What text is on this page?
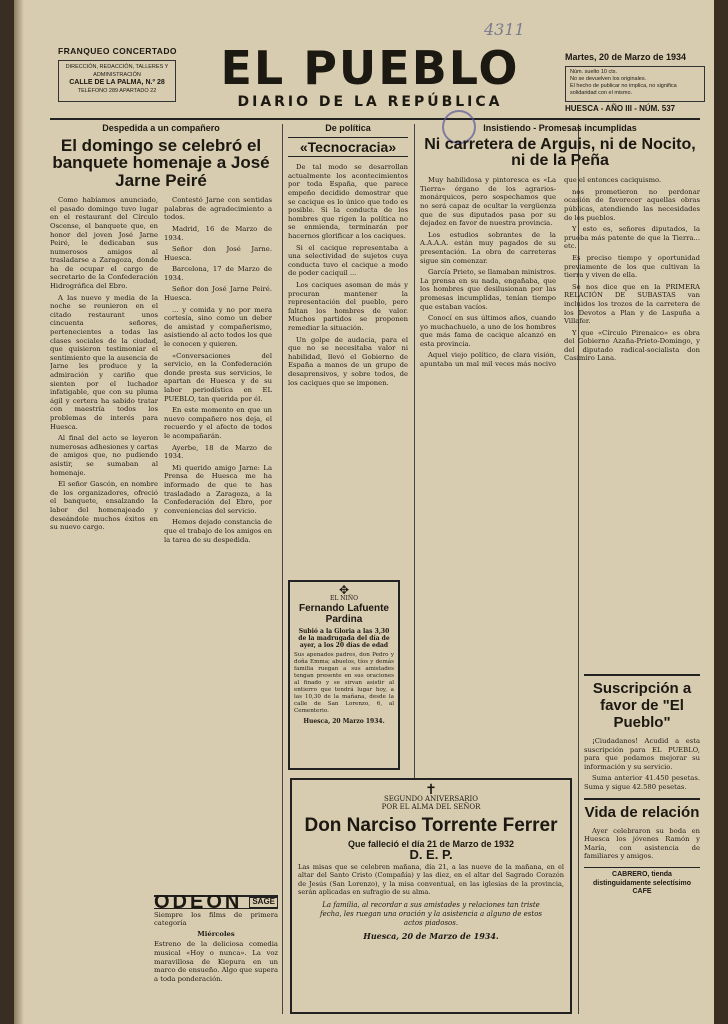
4311
FRANQUEO CONCERTADO
DIRECCIÓN, REDACCIÓN, TALLERES Y
ADMINISTRACIÓN
CALLE DE LA PALMA, N.º 28
TELÉFONO 289 APARTADO 22	EL PUEBLO
DIARIO DE LA REPÚBLICA
Martes, 20 de Marzo de 1934
Núm. suelto 10 cts.
No se devuelven los originales.
El hecho de publicar no implica, no significa solidaridad con el mismo.
HUESCA - AÑO III - NÚM. 537
Despedida a un compañero
El domingo se celebró el banquete homenaje a José Jarne Peiré

Como habíamos anunciado, el pasado domingo tuvo lugar en el restaurant del Círculo Oscense, el banquete que, en honor del joven José Jarne Peiré, le dedicaban sus numerosos amigos al trasladarse a Zaragoza, donde ha de ocupar el cargo de secretario de la Confederación Hidrográfica del Ebro.

A las nueve y media de la noche se reunieron en el citado restaurant unos cincuenta señores, pertenecientes a todas las clases sociales de la ciudad, que quisieron testimoniar el sentimiento que la ausencia de Jarne les produce y la admiración y cariño que sienten por el luchador infatigable, que con su pluma ágil y certera ha sabido tratar con maestría todos los problemas de interés para Huesca.

Al final del acto se leyeron numerosas adhesiones y cartas de amigos que, no pudiendo asistir, se sumaban al homenaje.

El señor Gascón, en nombre de los organizadores, ofreció el banquete, ensalzando la labor del homenajeado y deseándole muchos éxitos en su nuevo cargo.

Contestó Jarne con sentidas palabras de agradecimiento a todos.

Madrid, 16 de Marzo de 1934.

Señor don José Jarne. Huesca.

Barcelona, 17 de Marzo de 1934.

Señor don José Jarne Peiré. Huesca.

... y comida y no por mera cortesía, sino como un deber de amistad y compañerismo, asistiendo al acto todos los que le conocen y quieren.

«Conversaciones del servicio, en la Confederación donde presta sus servicios, le apartan de Huesca y de su labor periodística en EL PUEBLO, tan querida por él.

En este momento en que un nuevo compañero nos deja, el recuerdo y el afecto de todos le acompañarán.

Ayerbe, 18 de Marzo de 1934.

Mi querido amigo Jarne: La Prensa de Huesca me ha informado de que te has trasladado a Zaragoza, a la Confederación del Ebro, por conveniencias del servicio.

Hemos dejado constancia de que el trabajo de los amigos en la tarea de su despedida.

ODEON	SAGE

Siempre los films de primera categoría

Miércoles

Estreno de la deliciosa comedia musical «Hoy o nunca». La voz maravillosa de Kiepura en un marco de ensueño. Algo que supera a toda ponderación.

De política
«Tecnocracia»

De tal modo se desarrollan actualmente los acontecimientos por toda España, que parece empeño decidido demostrar que se cacique es lo único que todo es posible. Si la conducta de los hombres que rigen la política no se enmienda, terminarán por hacernos glorificar a los caciques.

Si el cacique representaba a una selectividad de sujetos cuya conducta tuvo el cacique a modo de poder caciquil ...

Los caciques asoman de más y procuran mantener la representación del pueblo, pero faltan los hombres de valor. Muchos partidos se proponen remediar la situación.

Un golpe de audacia, para el que no se necesitaba valor ni habilidad, llevó el Gobierno de España a manos de un grupo de desaprensivos, y sobre todos, de los caciques que se imponen.

✥
EL NIÑO
Fernando Lafuente Pardina
Subió a la Gloria a las 3,30 de la madrugada del día de ayer, a los 20 días de edad
Sus apenados padres, don Pedro y doña Emma; abuelos, tíos y demás familia ruegan a sus amistades tengan presente en sus oraciones al finado y se sirvan asistir al entierro que tendrá lugar hoy, a las 10,30 de la mañana, desde la calle de San Lorenzo, 6, al Cementerio.
Huesca, 20 Marzo 1934.
Insistiendo - Promesas incumplidas
Ni carretera de Arguis, ni de Nocito, ni de la Peña

Muy habilidosa y pintoresca es «La Tierra» órgano de los agrarios-monárquicos, pero sospechamos que no será capaz de ocultar la vergüenza que de sus diputados pasa por su dejadez en favor de nuestra provincia.

Los estudios sobrantes de la A.A.A.A. están muy pagados de su presentación. La obra de carreteras sigue sin comenzar.

García Prieto, se llamaban ministros. La prensa en su nada, engañaba, que los hombres que desilusionan por las promesas incumplidas, tenían tiempo que estaban vacíos.

Conocí en sus últimos años, cuando yo muchachuelo, a uno de los hombres que más fama de cacique alcanzó en esta provincia.

Aquel viejo político, de clara visión, apuntaba un mal mil veces más nocivo que el entonces caciquismo.

nos prometieron no perdonar ocasión de favorecer aquellas obras públicas, atendiendo las necesidades de los pueblos.

Y esto es, señores diputados, la prueba más patente de que la Tierra... etc.

Es preciso tiempo y oportunidad previamente de los que cultivan la tierra y viven de ella.

Se nos dice que en la PRIMERA RELACIÓN DE SUBASTAS van incluidos los trozos de la carretera de los Devotos a Plan y de Laspuña a Villafer.

Y que «Círculo Pirenaico» es obra del Gobierno Azaña-Prieto-Domingo, y del diputado radical-socialista don Casimiro Lana.

✝
SEGUNDO ANIVERSARIO
POR EL ALMA DEL SEÑOR
Don Narciso Torrente Ferrer
Que falleció el día 21 de Marzo de 1932
D. E. P.
Las misas que se celebren mañana, día 21, a las nueve de la mañana, en el altar del Santo Cristo (Compañía) y las diez, en el altar del Sagrado Corazón de Jesús (San Lorenzo), y la misa conventual, en las iglesias de la provincia, serán aplicadas en sufragio de su alma.
La familia, al recordar a sus amistades y relaciones tan triste fecha, les ruegan una oración y la asistencia a alguno de estos actos piadosos.
Huesca, 20 de Marzo de 1934.
Suscripción a favor de "El Pueblo"

¡Ciudadanos! Acudid a esta suscripción para EL PUEBLO, para que podamos mejorar su información y su servicio.

Suma anterior 41.450 pesetas. Suma y sigue 42.580 pesetas.

Vida de relación

Ayer celebraron su boda en Huesca los jóvenes Ramón y María, con asistencia de familiares y amigos.

CABRERO, tienda distinguidamente selectísimo CAFE
